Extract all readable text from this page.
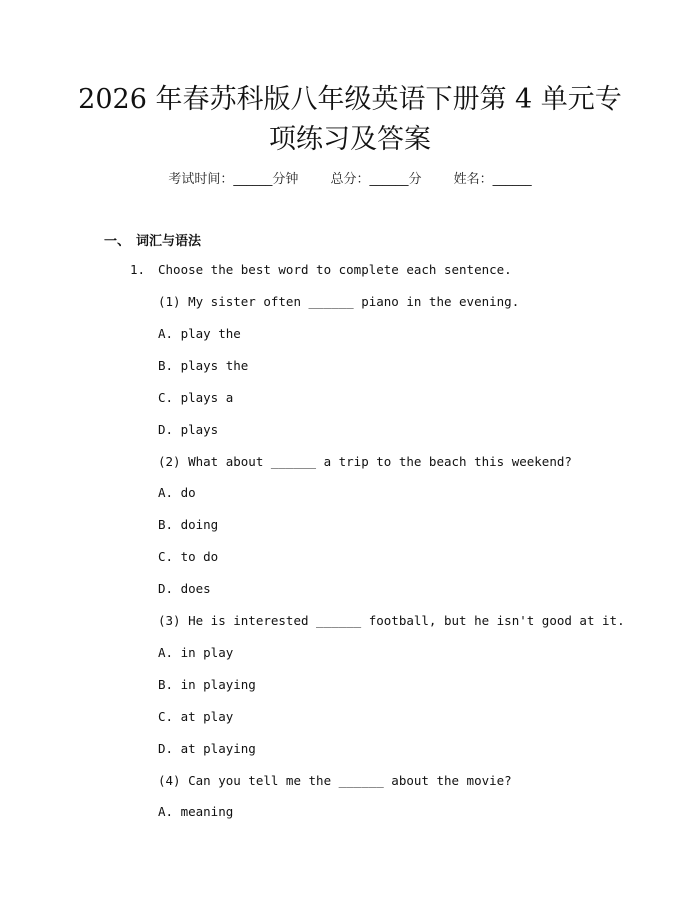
2026 年春苏科版八年级英语下册第 4 单元专
项练习及答案
考试时间：______分钟 总分：______分 姓名：______
一、 词汇与语法
1. Choose the best word to complete each sentence.
(1) My sister often ______ piano in the evening.
A. play the
B. plays the
C. plays a
D. plays
(2) What about ______ a trip to the beach this weekend?
A. do
B. doing
C. to do
D. does
(3) He is interested ______ football, but he isn't good at it.
A. in play
B. in playing
C. at play
D. at playing
(4) Can you tell me the ______ about the movie?
A. meaning
